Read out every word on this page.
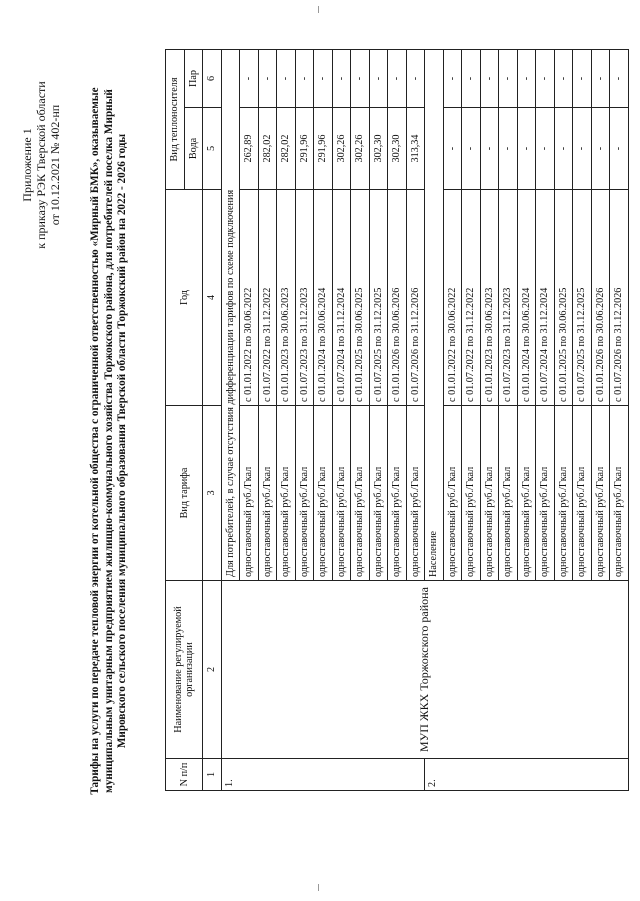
Приложение 1 к приказу РЭК Тверской области от 10.12.2021 № 402-нп Тарифы на услуги по передаче тепловой энергии от котельной общества с ограниченной ответственностью «Мирный БМК», оказываемые муниципальным унитарным предприятием жилищно-коммунального хозяйства Торжокского района, для потребителей поселка Мирный Мировского сельского поселения муниципального образования Тверской области Торжокский район на 2022 - 2026 годы
N п/п	Наименование регулируемой организации	Вид тарифа	Год	Вид теплоносителя	
				Вода	Пар
1	2	3	4	5	6
1.	МУП ЖКХ Торжокского района	Для потребителей, в случае отсутствия дифференциации тарифов по схеме подключения			
		одноставочный руб./Гкал	с 01.01.2022 по 30.06.2022	262,89	-
		одноставочный руб./Гкал	с 01.07.2022 по 31.12.2022	282,02	-
		одноставочный руб./Гкал	с 01.01.2023 по 30.06.2023	282,02	-
		одноставочный руб./Гкал	с 01.07.2023 по 31.12.2023	291,96	-
		одноставочный руб./Гкал	с 01.01.2024 по 30.06.2024	291,96	-
		одноставочный руб./Гкал	с 01.07.2024 по 31.12.2024	302,26	-
		одноставочный руб./Гкал	с 01.01.2025 по 30.06.2025	302,26	-
		одноставочный руб./Гкал	с 01.07.2025 по 31.12.2025	302,30	-
		одноставочный руб./Гкал	с 01.01.2026 по 30.06.2026	302,30	-
		одноставочный руб./Гкал	с 01.07.2026 по 31.12.2026	313,34	-
2.		Население			
		одноставочный руб./Гкал	с 01.01.2022 по 30.06.2022	-	-
		одноставочный руб./Гкал	с 01.07.2022 по 31.12.2022	-	-
		одноставочный руб./Гкал	с 01.01.2023 по 30.06.2023	-	-
		одноставочный руб./Гкал	с 01.07.2023 по 31.12.2023	-	-
		одноставочный руб./Гкал	с 01.01.2024 по 30.06.2024	-	-
		одноставочный руб./Гкал	с 01.07.2024 по 31.12.2024	-	-
		одноставочный руб./Гкал	с 01.01.2025 по 30.06.2025	-	-
		одноставочный руб./Гкал	с 01.07.2025 по 31.12.2025	-	-
		одноставочный руб./Гкал	с 01.01.2026 по 30.06.2026	-	-
		одноставочный руб./Гкал	с 01.07.2026 по 31.12.2026	-	-
